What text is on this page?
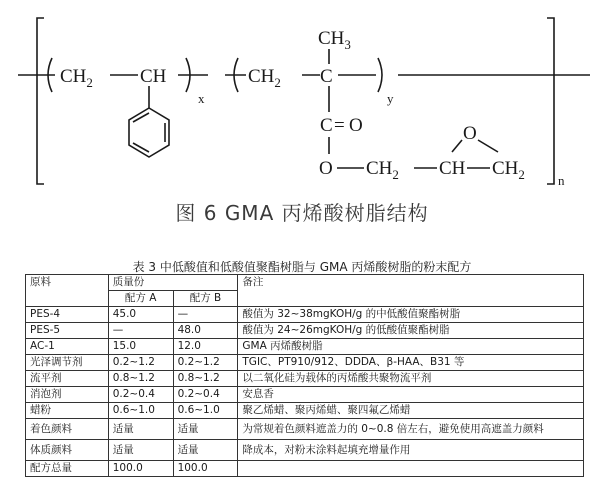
$CH_2$ CH
x
$CH_2$ C
y
n
$CH_3$
C = O
O $CH_2$ CH $CH_2$
O
图 6 GMA 丙烯酸树脂结构
表 3 中低酸值和低酸值聚酯树脂与 GMA 丙烯酸树脂的粉末配方
原料	质量份		备注
	配方 A	配方 B	
PES-4	45.0	—	酸值为 32~38mgKOH/g 的中低酸值聚酯树脂
PES-5	—	48.0	酸值为 24~26mgKOH/g 的低酸值聚酯树脂
AC-1	15.0	12.0	GMA 丙烯酸树脂
光泽调节剂	0.2~1.2	0.2~1.2	TGIC、PT910/912、DDDA、β-HAA、B31 等
流平剂	0.8~1.2	0.8~1.2	以二氧化硅为载体的丙烯酸共聚物流平剂
消泡剂	0.2~0.4	0.2~0.4	安息香
蜡粉	0.6~1.0	0.6~1.0	聚乙烯蜡、聚丙烯蜡、聚四氟乙烯蜡
着色颜料	适量	适量	为常规着色颜料遮盖力的 0~0.8 倍左右，避免使用高遮盖力颜料
体质颜料	适量	适量	降成本，对粉末涂料起填充增量作用
配方总量	100.0	100.0	
